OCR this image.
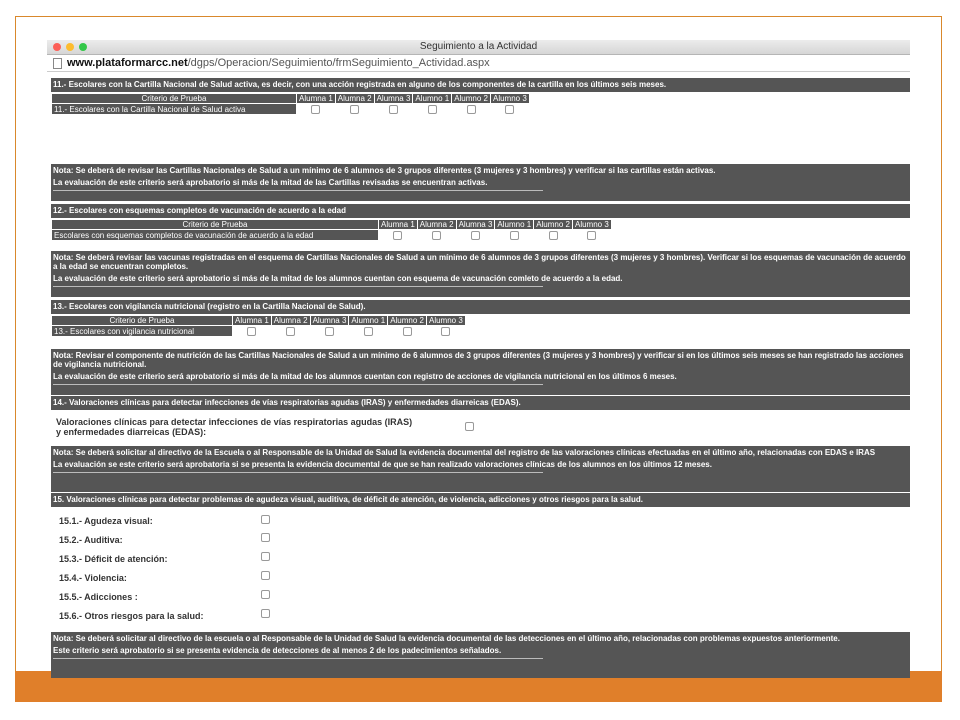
Seguimiento a la Actividad
www.plataformarcc.net/dgps/Operacion/Seguimiento/frmSeguimiento_Actividad.aspx
11.- Escolares con la Cartilla Nacional de Salud activa, es decir, con una acción registrada en alguno de los componentes de la cartilla en los últimos seis meses.
Criterio de Prueba	Alumna 1	Alumna 2	Alumna 3	Alumno 1	Alumno 2	Alumno 3
11.- Escolares con la Cartilla Nacional de Salud activa						

Nota: Se deberá de revisar las Cartillas Nacionales de Salud a un mínimo de 6 alumnos de 3 grupos diferentes (3 mujeres y 3 hombres) y verificar si las cartillas están activas.

La evaluación de este criterio será aprobatorio si más de la mitad de las Cartillas revisadas se encuentran activas.

12.- Escolares con esquemas completos de vacunación de acuerdo a la edad
Criterio de Prueba	Alumna 1	Alumna 2	Alumna 3	Alumno 1	Alumno 2	Alumno 3
Escolares con esquemas completos de vacunación de acuerdo a la edad						

Nota: Se deberá revisar las vacunas registradas en el esquema de Cartillas Nacionales de Salud a un mínimo de 6 alumnos de 3 grupos diferentes (3 mujeres y 3 hombres). Verificar si los esquemas de vacunación de acuerdo a la edad se encuentran completos.

La evaluación de este criterio será aprobatorio si más de la mitad de los alumnos cuentan con esquema de vacunación comleto de acuerdo a la edad.

13.- Escolares con vigilancia nutricional (registro en la Cartilla Nacional de Salud).
Criterio de Prueba	Alumna 1	Alumna 2	Alumna 3	Alumno 1	Alumno 2	Alumno 3
13.- Escolares con vigilancia nutricional						

Nota: Revisar el componente de nutrición de las Cartillas Nacionales de Salud a un mínimo de 6 alumnos de 3 grupos diferentes (3 mujeres y 3 hombres) y verificar si en los últimos seis meses se han registrado las acciones de vigilancia nutricional.

La evaluación de este criterio será aprobatorio si más de la mitad de los alumnos cuentan con registro de acciones de vigilancia nutricional en los últimos 6 meses.

14.- Valoraciones clínicas para detectar infecciones de vías respiratorias agudas (IRAS) y enfermedades diarreicas (EDAS).
Valoraciones clínicas para detectar infecciones de vías respiratorias agudas (IRAS)
y enfermedades diarreicas (EDAS):

Nota: Se deberá solicitar al directivo de la Escuela o al Responsable de la Unidad de Salud la evidencia documental del registro de las valoraciones clínicas efectuadas en el último año, relacionadas con EDAS e IRAS

La evaluación se este criterio será aprobatoria si se presenta la evidencia documental de que se han realizado valoraciones clínicas de los alumnos en los últimos 12 meses.

15. Valoraciones clínicas para detectar problemas de agudeza visual, auditiva, de déficit de atención, de violencia, adicciones y otros riesgos para la salud.
15.1.- Agudeza visual:
15.2.- Auditiva:
15.3.- Déficit de atención:
15.4.- Violencia:
15.5.- Adicciones :
15.6.- Otros riesgos para la salud:

Nota: Se deberá solicitar al directivo de la escuela o al Responsable de la Unidad de Salud la evidencia documental de las detecciones en el último año, relacionadas con problemas expuestos anteriormente.

Este criterio será aprobatorio si se presenta evidencia de detecciones de al menos 2 de los padecimientos señalados.
